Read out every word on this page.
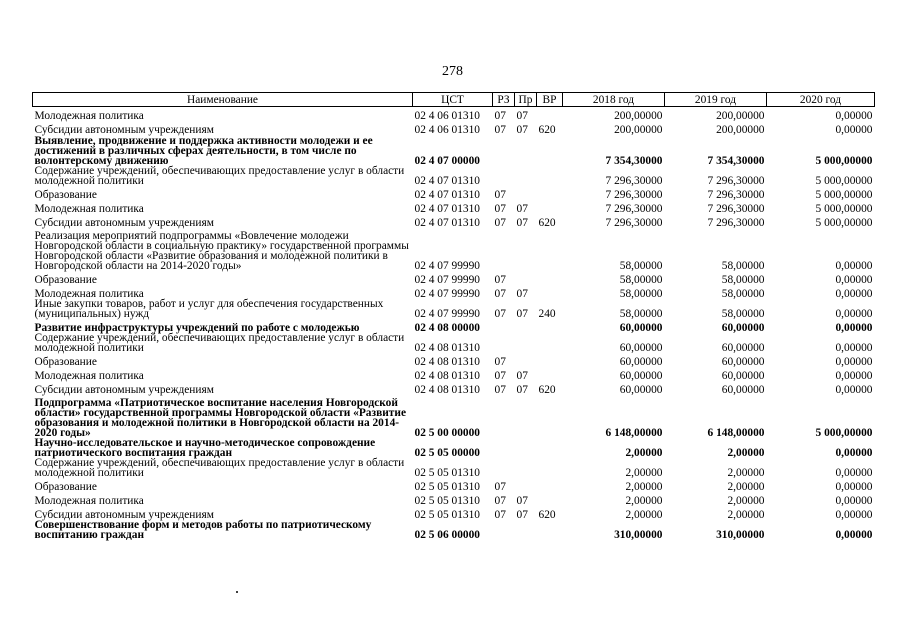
278
Наименование	ЦСТ	РЗ	Пр	ВР	2018 год	2019 год	2020 год
Молодежная политика	02 4 06 01310	07	07		200,00000	200,00000	0,00000
Субсидии автономным учреждениям	02 4 06 01310	07	07	620	200,00000	200,00000	0,00000
Выявление, продвижение и поддержка активности молодежи и ее достижений в различных сферах деятельности, в том числе по волонтерскому движению	02 4 07 00000				7 354,30000	7 354,30000	5 000,00000
Содержание учреждений, обеспечивающих предоставление услуг в области молодежной политики	02 4 07 01310				7 296,30000	7 296,30000	5 000,00000
Образование	02 4 07 01310	07			7 296,30000	7 296,30000	5 000,00000
Молодежная политика	02 4 07 01310	07	07		7 296,30000	7 296,30000	5 000,00000
Субсидии автономным учреждениям	02 4 07 01310	07	07	620	7 296,30000	7 296,30000	5 000,00000
Реализация мероприятий подпрограммы «Вовлечение молодежи Новгородской области в социальную практику» государственной программы Новгородской области «Развитие образования и молодежной политики в Новгородской области на 2014-2020 годы»	02 4 07 99990				58,00000	58,00000	0,00000
Образование	02 4 07 99990	07			58,00000	58,00000	0,00000
Молодежная политика	02 4 07 99990	07	07		58,00000	58,00000	0,00000
Иные закупки товаров, работ и услуг для обеспечения государственных (муниципальных) нужд	02 4 07 99990	07	07	240	58,00000	58,00000	0,00000
Развитие инфраструктуры учреждений по работе с молодежью	02 4 08 00000				60,00000	60,00000	0,00000
Содержание учреждений, обеспечивающих предоставление услуг в области молодежной политики	02 4 08 01310				60,00000	60,00000	0,00000
Образование	02 4 08 01310	07			60,00000	60,00000	0,00000
Молодежная политика	02 4 08 01310	07	07		60,00000	60,00000	0,00000
Субсидии автономным учреждениям	02 4 08 01310	07	07	620	60,00000	60,00000	0,00000
Подпрограмма «Патриотическое воспитание населения Новгородской области» государственной программы Новгородской области «Развитие образования и молодежной политики в Новгородской области на 2014-2020 годы»	02 5 00 00000				6 148,00000	6 148,00000	5 000,00000
Научно-исследовательское и научно-методическое сопровождение патриотического воспитания граждан	02 5 05 00000				2,00000	2,00000	0,00000
Содержание учреждений, обеспечивающих предоставление услуг в области молодежной политики	02 5 05 01310				2,00000	2,00000	0,00000
Образование	02 5 05 01310	07			2,00000	2,00000	0,00000
Молодежная политика	02 5 05 01310	07	07		2,00000	2,00000	0,00000
Субсидии автономным учреждениям	02 5 05 01310	07	07	620	2,00000	2,00000	0,00000
Совершенствование форм и методов работы по патриотическому воспитанию граждан	02 5 06 00000				310,00000	310,00000	0,00000
